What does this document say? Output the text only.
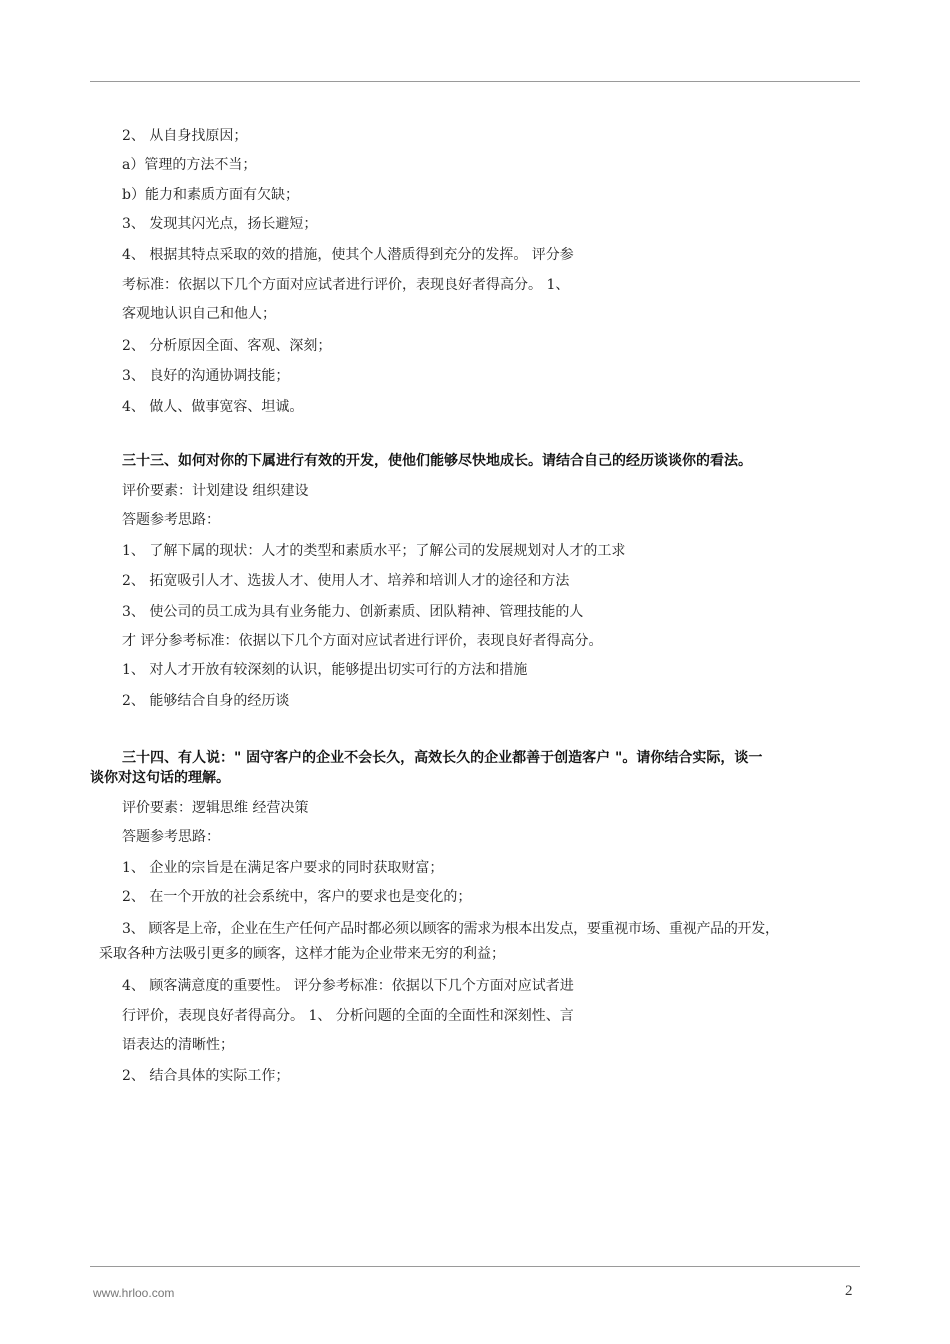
2、 从自身找原因；
a）管理的方法不当；
b）能力和素质方面有欠缺；
3、 发现其闪光点，扬长避短；
4、 根据其特点采取的效的措施，使其个人潜质得到充分的发挥。 评分参
考标准：依据以下几个方面对应试者进行评价，表现良好者得高分。 1、
客观地认识自己和他人；
2、 分析原因全面、客观、深刻；
3、 良好的沟通协调技能；
4、 做人、做事宽容、坦诚。
三十三、如何对你的下属进行有效的开发，使他们能够尽快地成长。请结合自己的经历谈谈你的看法。
评价要素：计划建设 组织建设
答题参考思路：
1、 了解下属的现状：人才的类型和素质水平；了解公司的发展规划对人才的工求
2、 拓宽吸引人才、选拔人才、使用人才、培养和培训人才的途径和方法
3、 使公司的员工成为具有业务能力、创新素质、团队精神、管理技能的人
才 评分参考标准：依据以下几个方面对应试者进行评价，表现良好者得高分。
1、 对人才开放有较深刻的认识，能够提出切实可行的方法和措施
2、 能够结合自身的经历谈
三十四、有人说：" 固守客户的企业不会长久，高效长久的企业都善于创造客户 "。请你结合实际，谈一
谈你对这句话的理解。
评价要素：逻辑思维 经营决策
答题参考思路：
1、 企业的宗旨是在满足客户要求的同时获取财富；
2、 在一个开放的社会系统中，客户的要求也是变化的；
3、 顾客是上帝，企业在生产任何产品时都必须以顾客的需求为根本出发点，要重视市场、重视产品的开发，
采取各种方法吸引更多的顾客，这样才能为企业带来无穷的利益；
4、 顾客满意度的重要性。 评分参考标准：依据以下几个方面对应试者进
行评价，表现良好者得高分。 1、 分析问题的全面的全面性和深刻性、言
语表达的清晰性；
2、 结合具体的实际工作；
www.hrloo.com	2
